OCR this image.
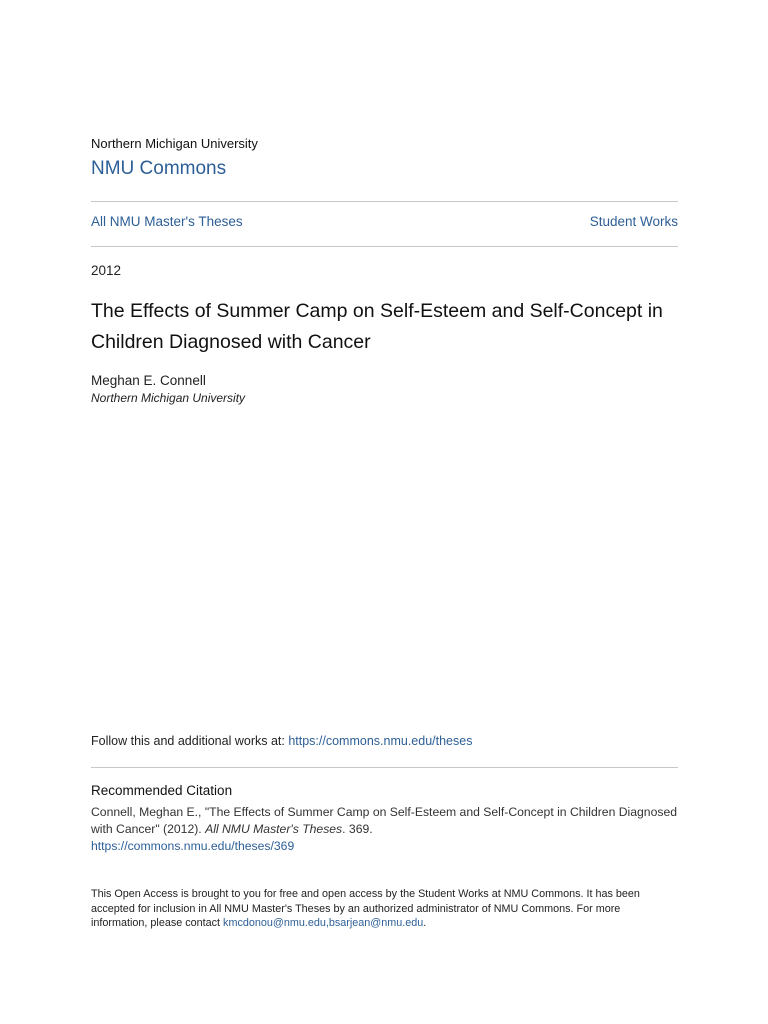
Northern Michigan University
NMU Commons
All NMU Master's Theses	Student Works
2012
The Effects of Summer Camp on Self-Esteem and Self-Concept in Children Diagnosed with Cancer
Meghan E. Connell
Northern Michigan University
Follow this and additional works at: https://commons.nmu.edu/theses
Recommended Citation
Connell, Meghan E., "The Effects of Summer Camp on Self-Esteem and Self-Concept in Children Diagnosed with Cancer" (2012). All NMU Master's Theses. 369.
https://commons.nmu.edu/theses/369
This Open Access is brought to you for free and open access by the Student Works at NMU Commons. It has been accepted for inclusion in All NMU Master's Theses by an authorized administrator of NMU Commons. For more information, please contact kmcdonou@nmu.edu,bsarjean@nmu.edu.
